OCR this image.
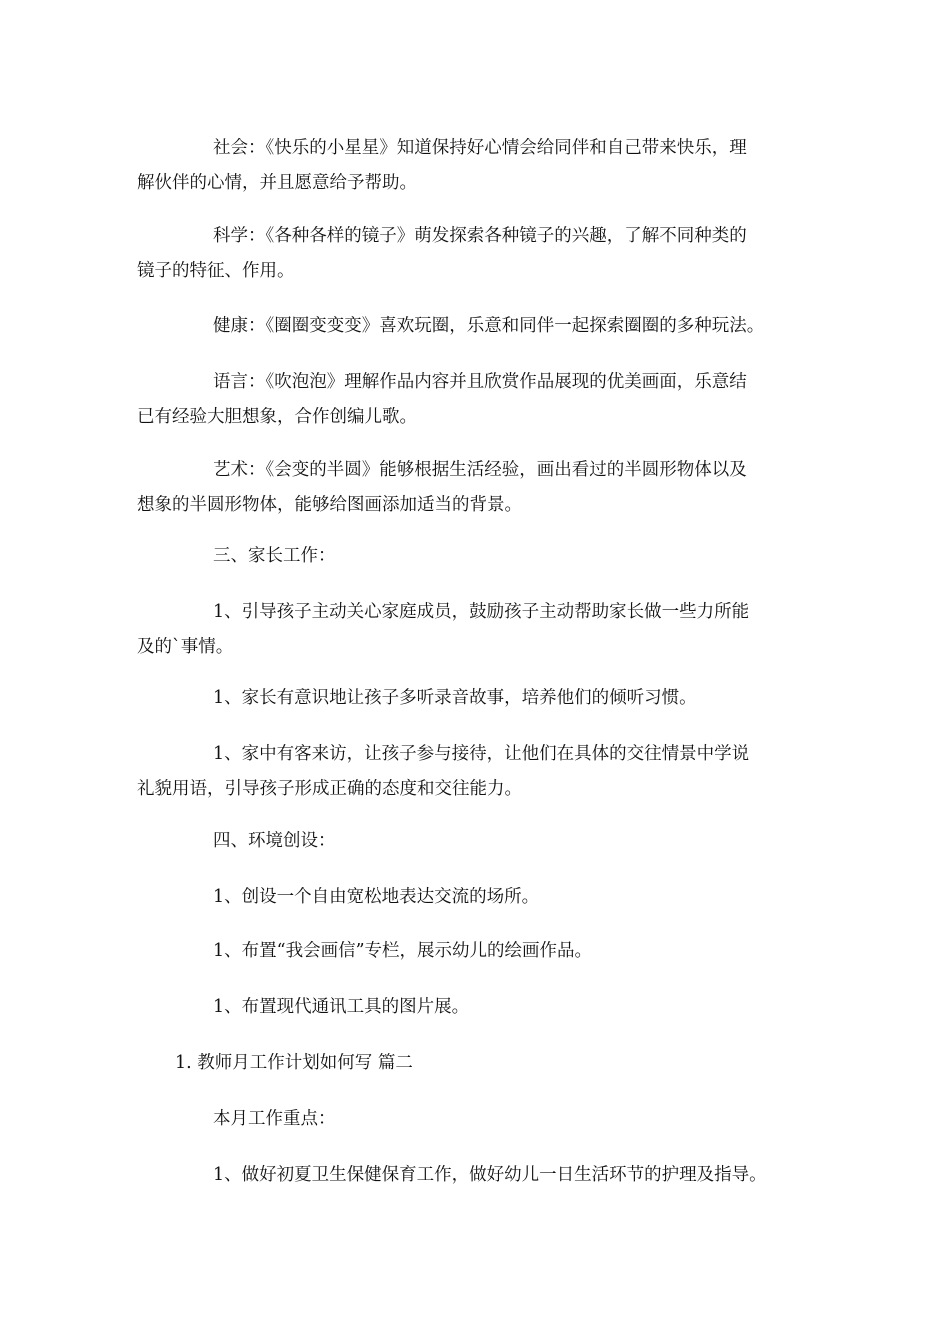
社会：《快乐的小星星》知道保持好心情会给同伴和自己带来快乐，理
解伙伴的心情，并且愿意给予帮助。
科学：《各种各样的镜子》萌发探索各种镜子的兴趣，了解不同种类的
镜子的特征、作用。
健康：《圈圈变变变》喜欢玩圈，乐意和同伴一起探索圈圈的多种玩法。
语言：《吹泡泡》理解作品内容并且欣赏作品展现的优美画面，乐意结
已有经验大胆想象，合作创编儿歌。
艺术：《会变的半圆》能够根据生活经验，画出看过的半圆形物体以及
想象的半圆形物体，能够给图画添加适当的背景。
三、家长工作：
1、引导孩子主动关心家庭成员，鼓励孩子主动帮助家长做一些力所能
及的`事情。
1、家长有意识地让孩子多听录音故事，培养他们的倾听习惯。
1、家中有客来访，让孩子参与接待，让他们在具体的交往情景中学说
礼貌用语，引导孩子形成正确的态度和交往能力。
四、环境创设：
1、创设一个自由宽松地表达交流的场所。
1、布置“我会画信”专栏，展示幼儿的绘画作品。
1、布置现代通讯工具的图片展。
1. 教师月工作计划如何写 篇二
本月工作重点：
1、做好初夏卫生保健保育工作，做好幼儿一日生活环节的护理及指导。
